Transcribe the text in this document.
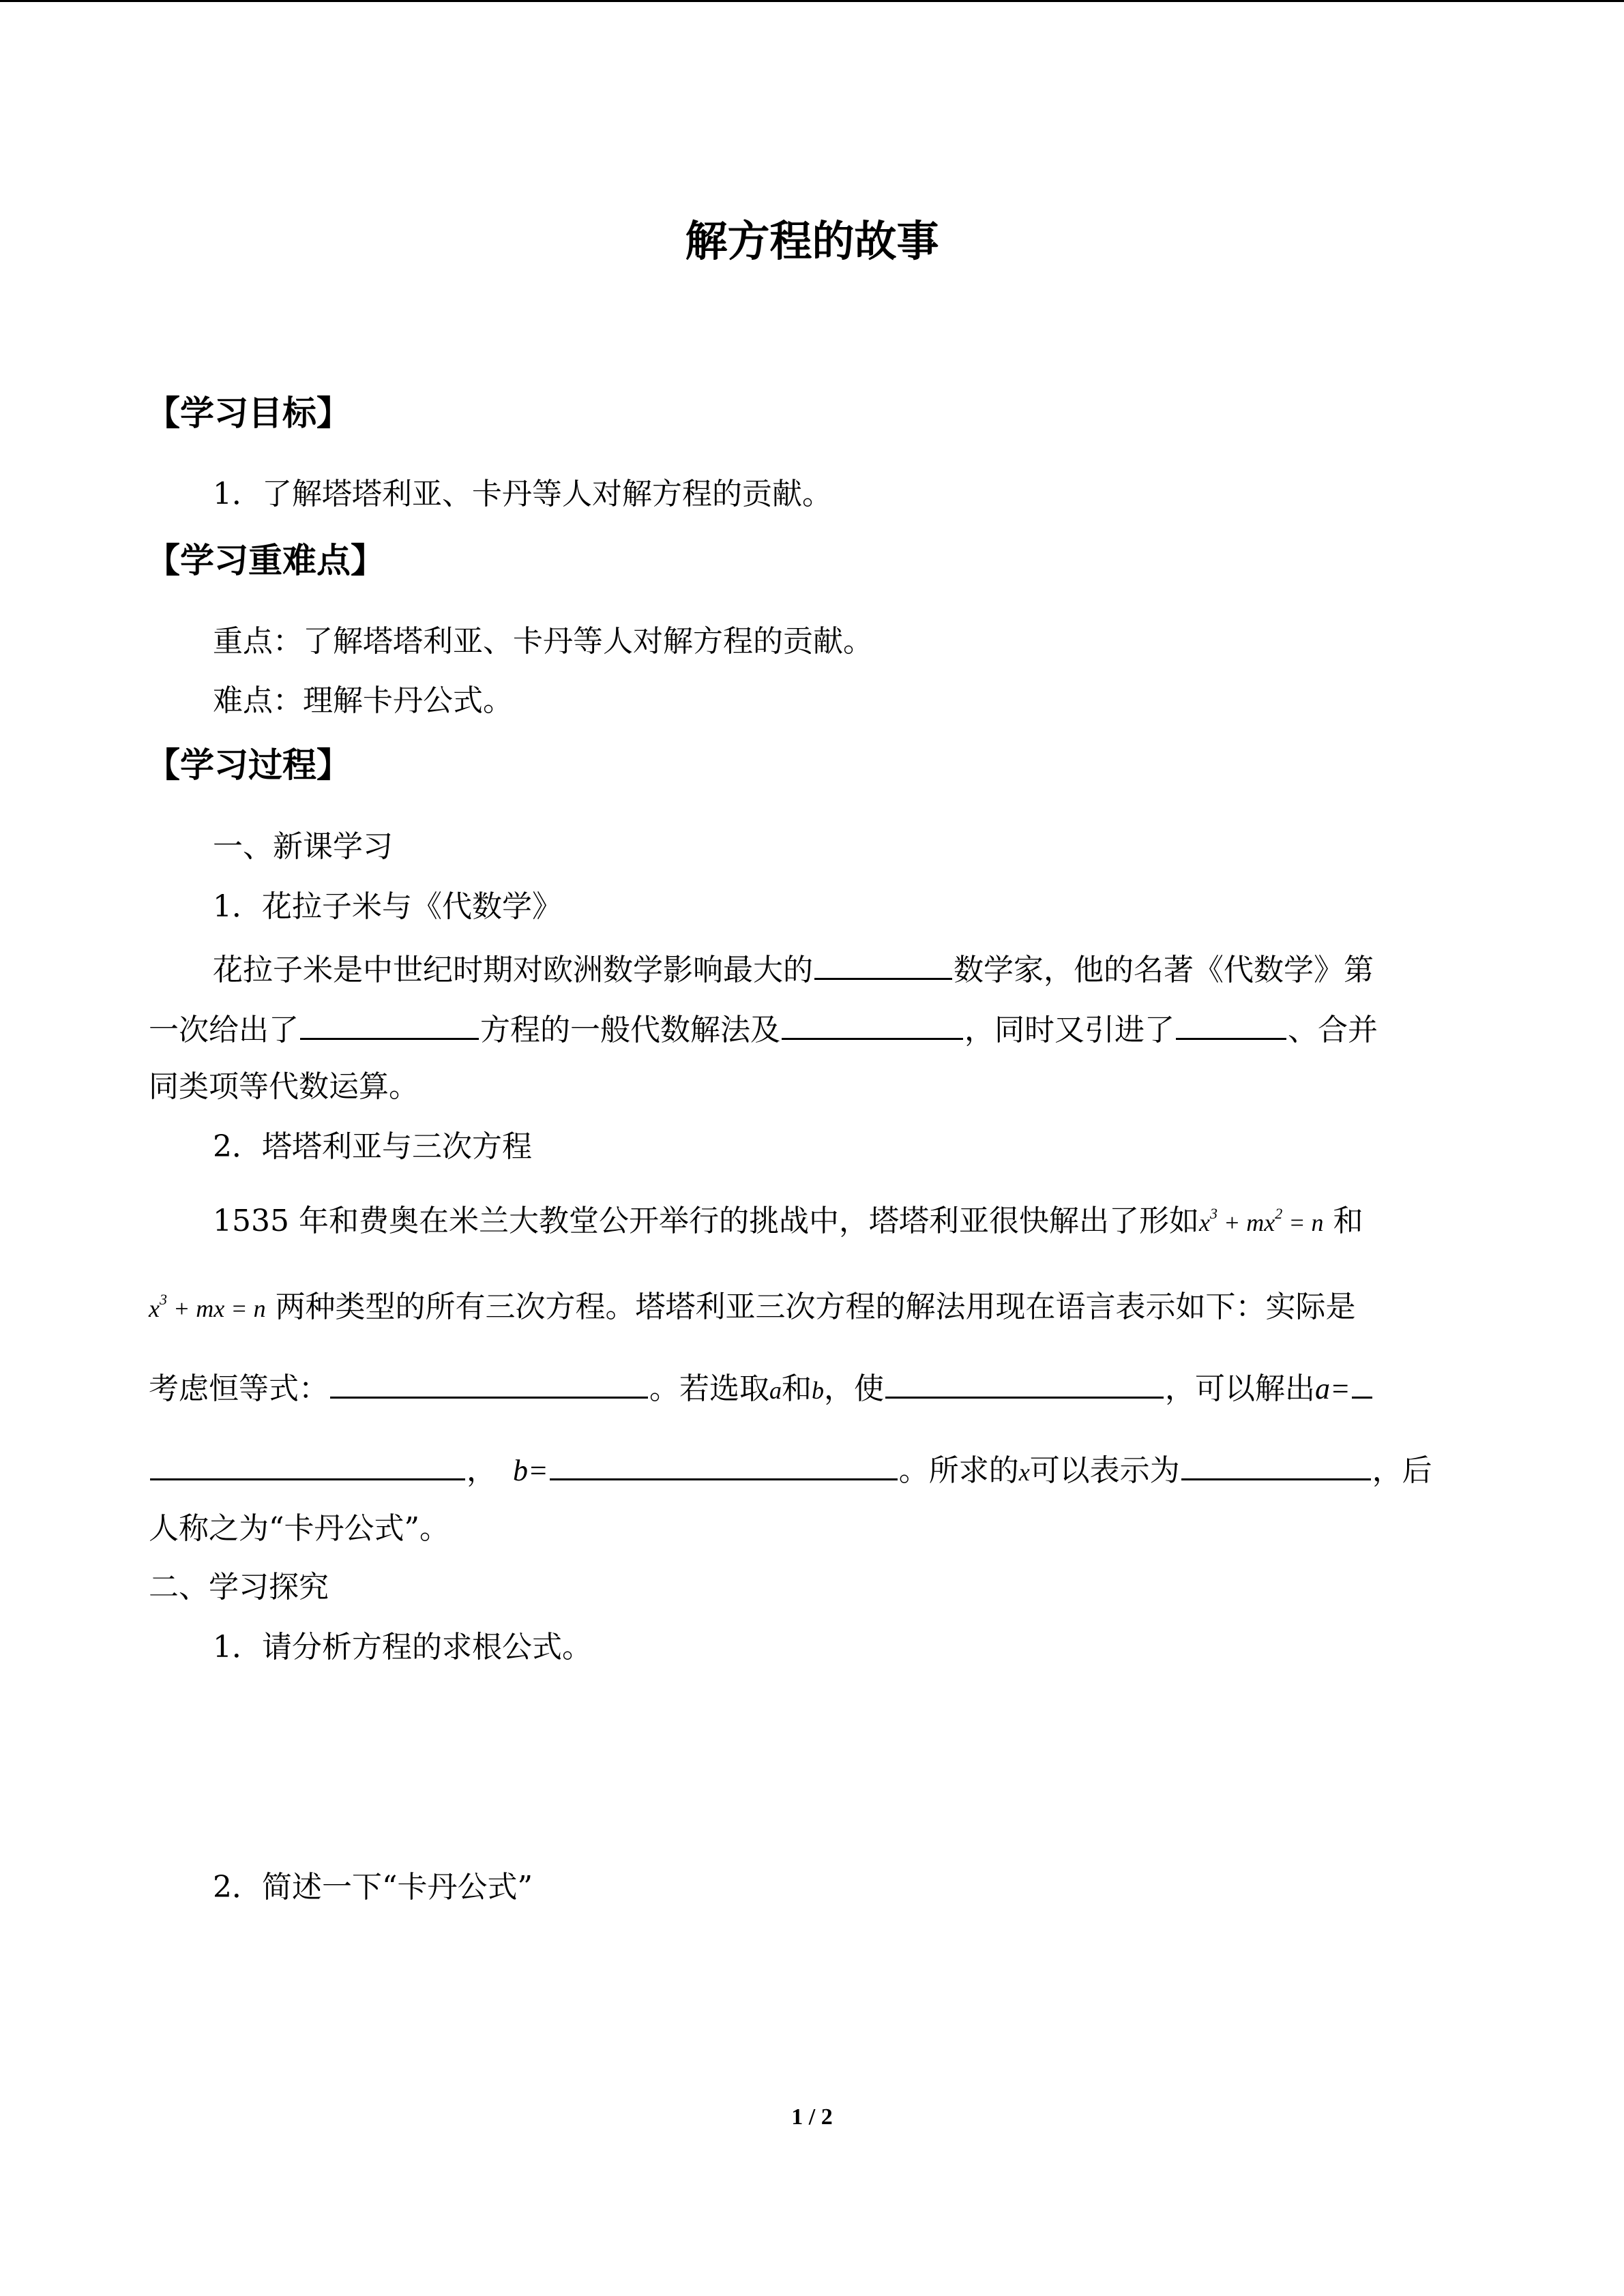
解方程的故事
【学习目标】
1．了解塔塔利亚、卡丹等人对解方程的贡献。
【学习重难点】
重点：了解塔塔利亚、卡丹等人对解方程的贡献。
难点：理解卡丹公式。
【学习过程】
一、新课学习
1．花拉子米与《代数学》
花拉子米是中世纪时期对欧洲数学影响最大的	数学家，他的名著《代数学》第
一次给出了	方程的一般代数解法及	，同时又引进了	、合并
同类项等代数运算。
2．塔塔利亚与三次方程
1535 年和费奥在米兰大教堂公开举行的挑战中，塔塔利亚很快解出了形如$x^3 + mx^2 = n$ 和
$x^3$ + mx = n 两种类型的所有三次方程。塔塔利亚三次方程的解法用现在语言表示如下：实际是
考虑恒等式：	。若选取a和b，使	，可以解出a=
， b=	。所求的x可以表示为	，后
人称之为“卡丹公式”。
二、学习探究
1．请分析方程的求根公式。
2．简述一下“卡丹公式”
1 / 2
